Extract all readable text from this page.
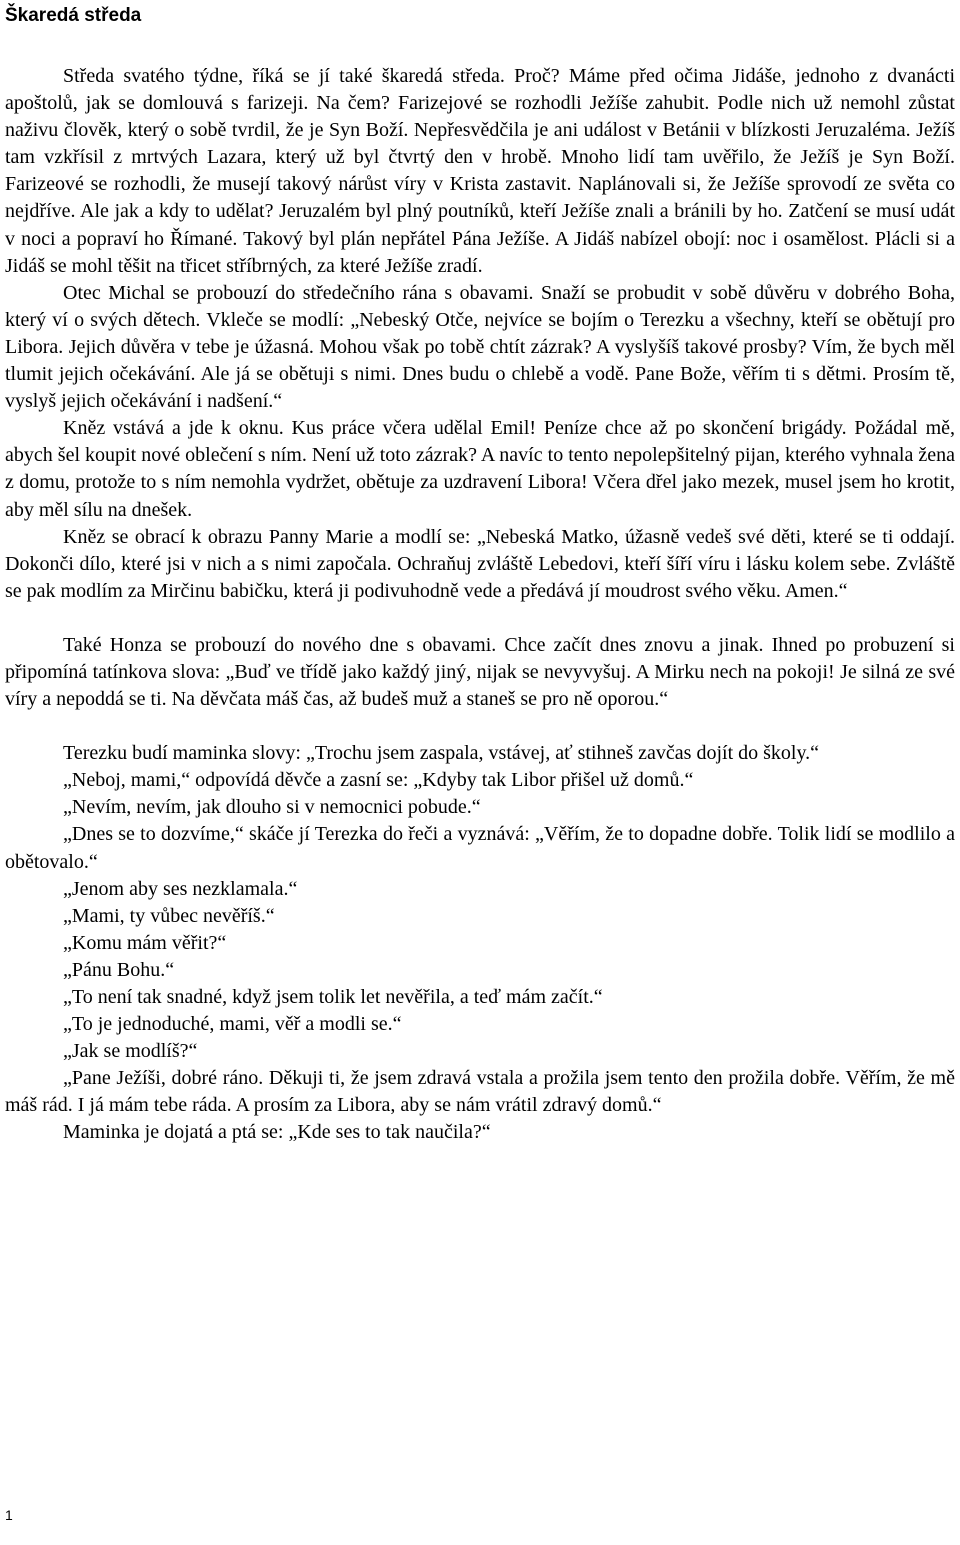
Škaredá středa

Středa svatého týdne, říká se jí také škaredá středa. Proč? Máme před očima Jidáše, jednoho z dvanácti apoštolů, jak se domlouvá s farizeji. Na čem? Farizejové se rozhodli Ježíše zahubit. Podle nich už nemohl zůstat naživu člověk, který o sobě tvrdil, že je Syn Boží. Nepřesvědčila je ani událost v Betánii v blízkosti Jeruzaléma. Ježíš tam vzkřísil z mrtvých Lazara, který už byl čtvrtý den v hrobě. Mnoho lidí tam uvěřilo, že Ježíš je Syn Boží. Farizeové se rozhodli, že musejí takový nárůst víry v Krista zastavit. Naplánovali si, že Ježíše sprovodí ze světa co nejdříve. Ale jak a kdy to udělat? Jeruzalém byl plný poutníků, kteří Ježíše znali a bránili by ho. Zatčení se musí udát v noci a popraví ho Římané. Takový byl plán nepřátel Pána Ježíše. A Jidáš nabízel obojí: noc i osamělost. Plácli si a Jidáš se mohl těšit na třicet stříbrných, za které Ježíše zradí.

Otec Michal se probouzí do středečního rána s obavami. Snaží se probudit v sobě důvěru v dobrého Boha, který ví o svých dětech. Vkleče se modlí: „Nebeský Otče, nejvíce se bojím o Terezku a všechny, kteří se obětují pro Libora. Jejich důvěra v tebe je úžasná. Mohou však po tobě chtít zázrak? A vyslyšíš takové prosby? Vím, že bych měl tlumit jejich očekávání. Ale já se obětuji s nimi. Dnes budu o chlebě a vodě. Pane Bože, věřím ti s dětmi. Prosím tě, vyslyš jejich očekávání i nadšení.“

Kněz vstává a jde k oknu. Kus práce včera udělal Emil! Peníze chce až po skončení brigády. Požádal mě, abych šel koupit nové oblečení s ním. Není už toto zázrak? A navíc to tento nepolepšitelný pijan, kterého vyhnala žena z domu, protože to s ním nemohla vydržet, obětuje za uzdravení Libora! Včera dřel jako mezek, musel jsem ho krotit, aby měl sílu na dnešek.

Kněz se obrací k obrazu Panny Marie a modlí se: „Nebeská Matko, úžasně vedeš své děti, které se ti oddají. Dokonči dílo, které jsi v nich a s nimi započala. Ochraňuj zvláště Lebedovi, kteří šíří víru i lásku kolem sebe. Zvláště se pak modlím za Mirčinu babičku, která ji podivuhodně vede a předává jí moudrost svého věku. Amen.“

Také Honza se probouzí do nového dne s obavami. Chce začít dnes znovu a jinak. Ihned po probuzení si připomíná tatínkova slova: „Buď ve třídě jako každý jiný, nijak se nevyvyšuj. A Mirku nech na pokoji! Je silná ze své víry a nepoddá se ti. Na děvčata máš čas, až budeš muž a staneš se pro ně oporou.“

Terezku budí maminka slovy: „Trochu jsem zaspala, vstávej, ať stihneš zavčas dojít do školy.“

„Neboj, mami,“ odpovídá děvče a zasní se: „Kdyby tak Libor přišel už domů.“

„Nevím, nevím, jak dlouho si v nemocnici pobude.“

„Dnes se to dozvíme,“ skáče jí Terezka do řeči a vyznává: „Věřím, že to dopadne dobře. Tolik lidí se modlilo a obětovalo.“

„Jenom aby ses nezklamala.“

„Mami, ty vůbec nevěříš.“

„Komu mám věřit?“

„Pánu Bohu.“

„To není tak snadné, když jsem tolik let nevěřila, a teď mám začít.“

„To je jednoduché, mami, věř a modli se.“

„Jak se modlíš?“

„Pane Ježíši, dobré ráno. Děkuji ti, že jsem zdravá vstala a prožila jsem tento den prožila dobře. Věřím, že mě máš rád. I já mám tebe ráda. A prosím za Libora, aby se nám vrátil zdravý domů.“

Maminka je dojatá a ptá se: „Kde ses to tak naučila?“

1
